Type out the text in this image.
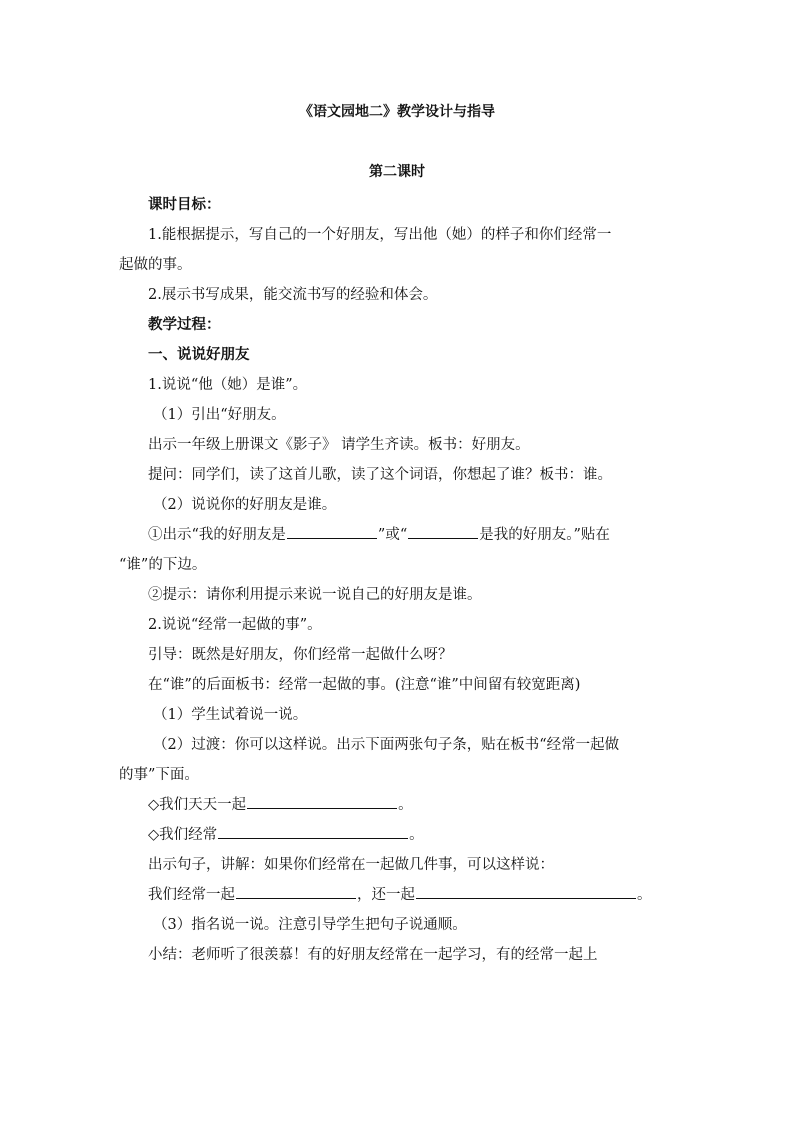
《语文园地二》教学设计与指导
第二课时

课时目标：

1.能根据提示，写自己的一个好朋友，写出他（她）的样子和你们经常一

起做的事。

2.展示书写成果，能交流书写的经验和体会。

教学过程：

一、说说好朋友

1.说说“他（她）是谁”。

（1）引出“好朋友。

出示一年级上册课文《影子》 请学生齐读。板书：好朋友。

提问：同学们，读了这首儿歌，读了这个词语，你想起了谁？板书：谁。

（2）说说你的好朋友是谁。

①出示“我的好朋友是	”或“	是我的好朋友。”贴在

“谁”的下边。

②提示：请你利用提示来说一说自己的好朋友是谁。

2.说说“经常一起做的事”。

引导：既然是好朋友，你们经常一起做什么呀？

在“谁”的后面板书：经常一起做的事。(注意“谁”中间留有较宽距离)

（1）学生试着说一说。

（2）过渡：你可以这样说。出示下面两张句子条，贴在板书“经常一起做

的事”下面。

◇我们天天一起	。

◇我们经常	。

出示句子，讲解：如果你们经常在一起做几件事，可以这样说：

我们经常一起	，还一起	。

（3）指名说一说。注意引导学生把句子说通顺。

小结：老师听了很羡慕！有的好朋友经常在一起学习，有的经常一起上
